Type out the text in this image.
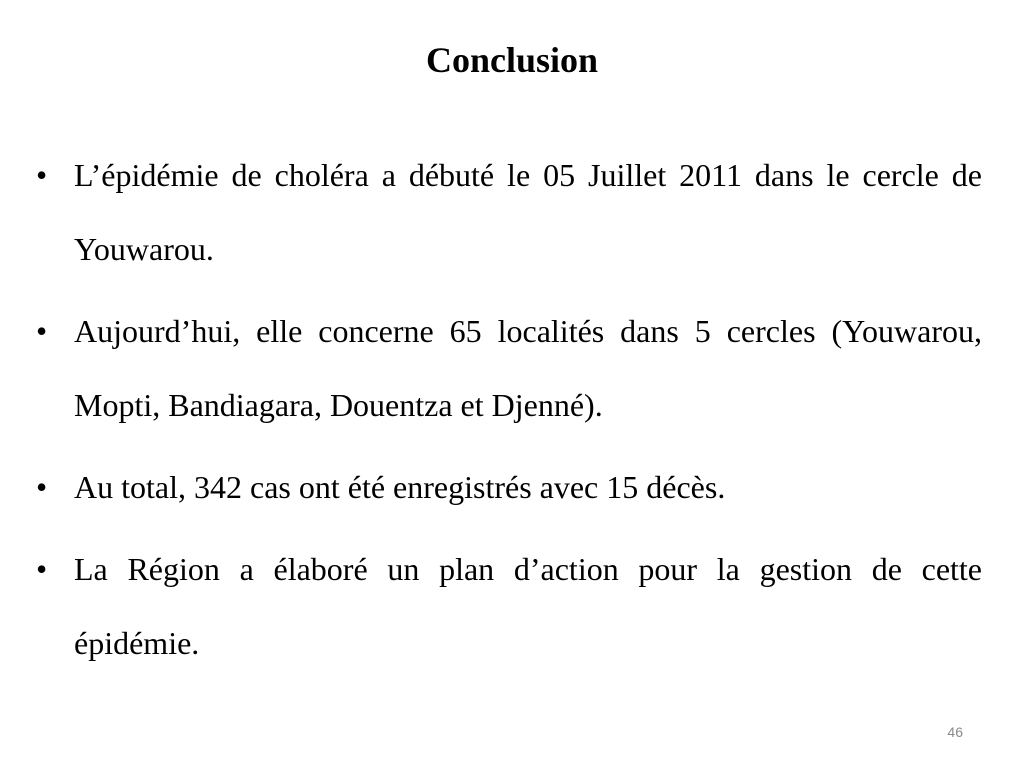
Conclusion
• L’épidémie de choléra a débuté le 05 Juillet 2011 dans le cercle de Youwarou.
• Aujourd’hui, elle concerne 65 localités dans 5 cercles (Youwarou, Mopti, Bandiagara, Douentza et Djenné).
• Au total, 342 cas ont été enregistrés avec 15 décès.
• La Région a élaboré un plan d’action pour la gestion de cette épidémie.
46
